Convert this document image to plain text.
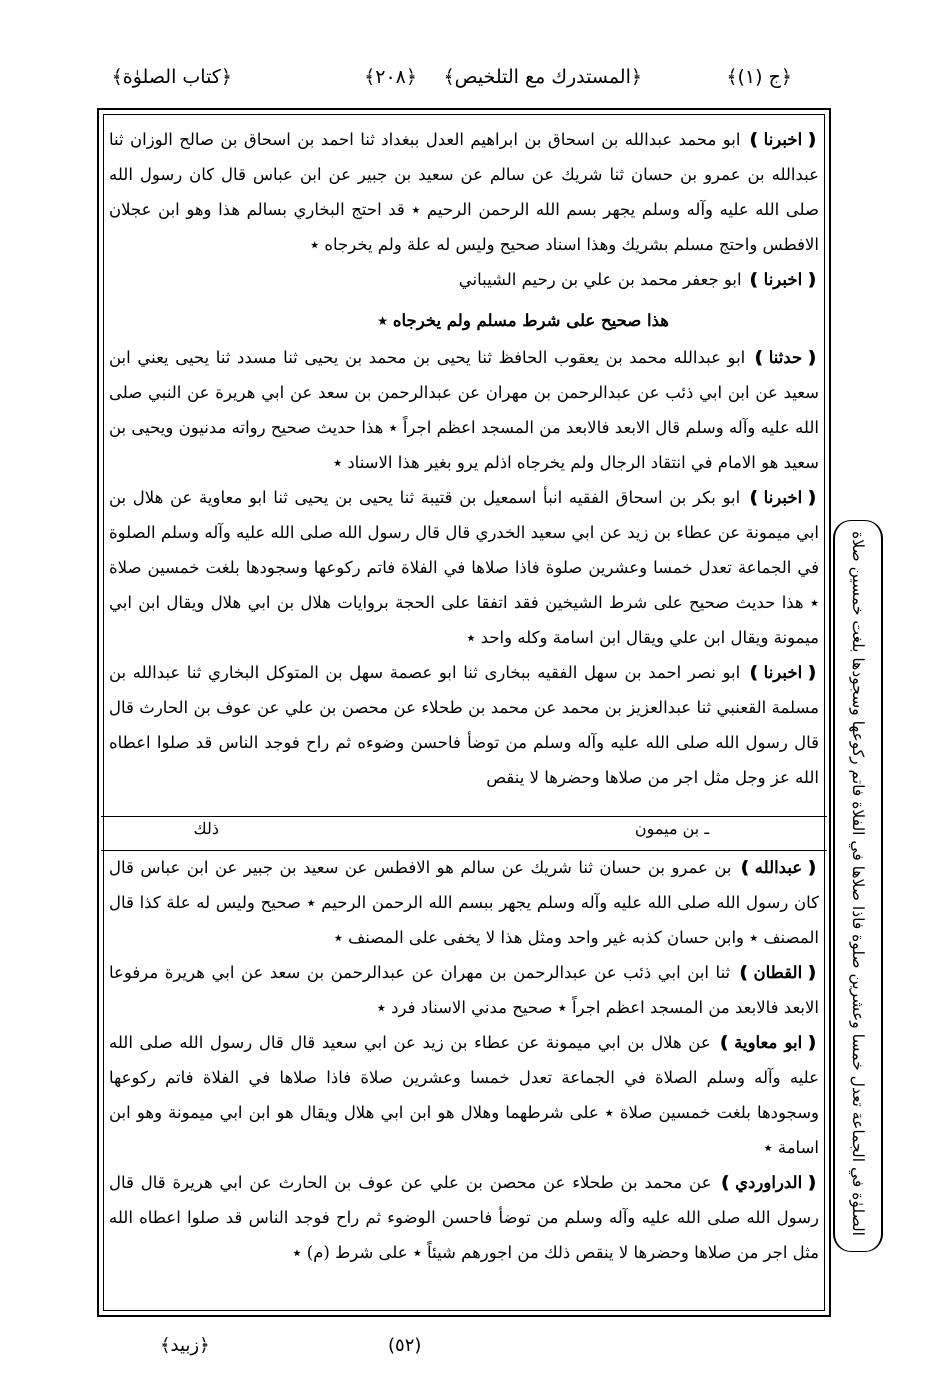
﴿ج (١)﴾
﴿المستدرك مع التلخيص﴾
﴿٢٠٨﴾
﴿كتاب الصلوٰة﴾

❪ اخبرنا ❫ ابو محمد عبدالله بن اسحاق بن ابراهيم العدل ببغداد ثنا احمد بن اسحاق بن صالح الوزان ثنا عبدالله بن عمرو بن حسان ثنا شريك عن سالم عن سعيد بن جبير عن ابن عباس قال كان رسول الله صلى الله عليه وآله وسلم يجهر بسم الله الرحمن الرحيم ٭ قد احتج البخاري بسالم هذا وهو ابن عجلان الافطس واحتج مسلم بشريك وهذا اسناد صحيح وليس له علة ولم يخرجاه ٭

❪ اخبرنا ❫ ابو جعفر محمد بن علي بن رحيم الشيباني

هذا صحيح على شرط مسلم ولم يخرجاه ٭

❪ حدثنا ❫ ابو عبدالله محمد بن يعقوب الحافظ ثنا يحيى بن محمد بن يحيى ثنا مسدد ثنا يحيى يعني ابن سعيد عن ابن ابي ذئب عن عبدالرحمن بن مهران عن عبدالرحمن بن سعد عن ابي هريرة عن النبي صلى الله عليه وآله وسلم قال الابعد فالابعد من المسجد اعظم اجراً ٭ هذا حديث صحيح رواته مدنيون ويحيى بن سعيد هو الامام في انتقاد الرجال ولم يخرجاه اذلم يرو بغير هذا الاسناد ٭

❪ اخبرنا ❫ ابو بكر بن اسحاق الفقيه انبأ اسمعيل بن قتيبة ثنا يحيى بن يحيى ثنا ابو معاوية عن هلال بن ابي ميمونة عن عطاء بن زيد عن ابي سعيد الخدري قال قال رسول الله صلى الله عليه وآله وسلم الصلوة في الجماعة تعدل خمسا وعشرين صلوة فاذا صلاها في الفلاة فاتم ركوعها وسجودها بلغت خمسين صلاة ٭ هذا حديث صحيح على شرط الشيخين فقد اتفقا على الحجة بروايات هلال بن ابي هلال ويقال ابن ابي ميمونة ويقال ابن علي ويقال ابن اسامة وكله واحد ٭

❪ اخبرنا ❫ ابو نصر احمد بن سهل الفقيه ببخارى ثنا ابو عصمة سهل بن المتوكل البخاري ثنا عبدالله بن مسلمة القعنبي ثنا عبدالعزيز بن محمد عن محمد بن طحلاء عن محصن بن علي عن عوف بن الحارث قال قال رسول الله صلى الله عليه وآله وسلم من توضأ فاحسن وضوءه ثم راح فوجد الناس قد صلوا اعطاه الله عز وجل مثل اجر من صلاها وحضرها لا ينقص

ـ بن ميمون
ذلك

❪ عبدالله ❫ بن عمرو بن حسان ثنا شريك عن سالم هو الافطس عن سعيد بن جبير عن ابن عباس قال كان رسول الله صلى الله عليه وآله وسلم يجهر ببسم الله الرحمن الرحيم ٭ صحيح وليس له علة كذا قال المصنف ٭ وابن حسان كذبه غير واحد ومثل هذا لا يخفى على المصنف ٭

❪ القطان ❫ ثنا ابن ابي ذئب عن عبدالرحمن بن مهران عن عبدالرحمن بن سعد عن ابي هريرة مرفوعا الابعد فالابعد من المسجد اعظم اجراً ٭ صحيح مدني الاسناد فرد ٭

❪ ابو معاوية ❫ عن هلال بن ابي ميمونة عن عطاء بن زيد عن ابي سعيد قال قال رسول الله صلى الله عليه وآله وسلم الصلاة في الجماعة تعدل خمسا وعشرين صلاة فاذا صلاها في الفلاة فاتم ركوعها وسجودها بلغت خمسين صلاة ٭ على شرطهما وهلال هو ابن ابي هلال ويقال هو ابن ابي ميمونة وهو ابن اسامة ٭

❪ الدراوردي ❫ عن محمد بن طحلاء عن محصن بن علي عن عوف بن الحارث عن ابي هريرة قال قال رسول الله صلى الله عليه وآله وسلم من توضأ فاحسن الوضوء ثم راح فوجد الناس قد صلوا اعطاه الله مثل اجر من صلاها وحضرها لا ينقص ذلك من اجورهم شيئاً ٭ على شرط (م) ٭

الصلوٰة في الجماعة تعدل خمسا وعشرين صلوة فاذا صلاها في الفلاة فاتم ركوعها وسجودها بلغت خمسين صلاة
(٥٢)
﴿زبيد﴾
